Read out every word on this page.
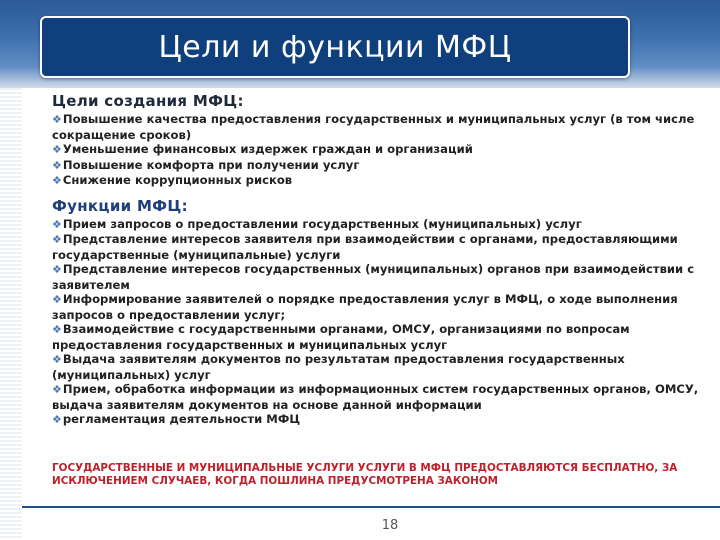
Цели и функции МФЦ
Цели создания МФЦ:
❖Повышение качества предоставления государственных и муниципальных услуг (в том числе сокращение сроков)
❖Уменьшение финансовых издержек граждан и организаций
❖Повышение комфорта при получении услуг
❖Снижение коррупционных рисков
Функции МФЦ:
❖Прием запросов о предоставлении государственных (муниципальных) услуг
❖Представление интересов заявителя при взаимодействии с органами, предоставляющими государственные (муниципальные) услуги
❖Представление интересов государственных (муниципальных) органов при взаимодействии с заявителем
❖Информирование заявителей о порядке предоставления услуг в МФЦ, о ходе выполнения запросов о предоставлении услуг;
❖Взаимодействие с государственными органами, ОМСУ, организациями по вопросам предоставления государственных и муниципальных услуг
❖Выдача заявителям документов по результатам предоставления государственных (муниципальных) услуг
❖Прием, обработка информации из информационных систем государственных органов, ОМСУ, выдача заявителям документов на основе данной информации
❖регламентация деятельности МФЦ
ГОСУДАРСТВЕННЫЕ И МУНИЦИПАЛЬНЫЕ УСЛУГИ УСЛУГИ В МФЦ ПРЕДОСТАВЛЯЮТСЯ БЕСПЛАТНО, ЗА ИСКЛЮЧЕНИЕМ СЛУЧАЕВ, КОГДА ПОШЛИНА ПРЕДУСМОТРЕНА ЗАКОНОМ
18
